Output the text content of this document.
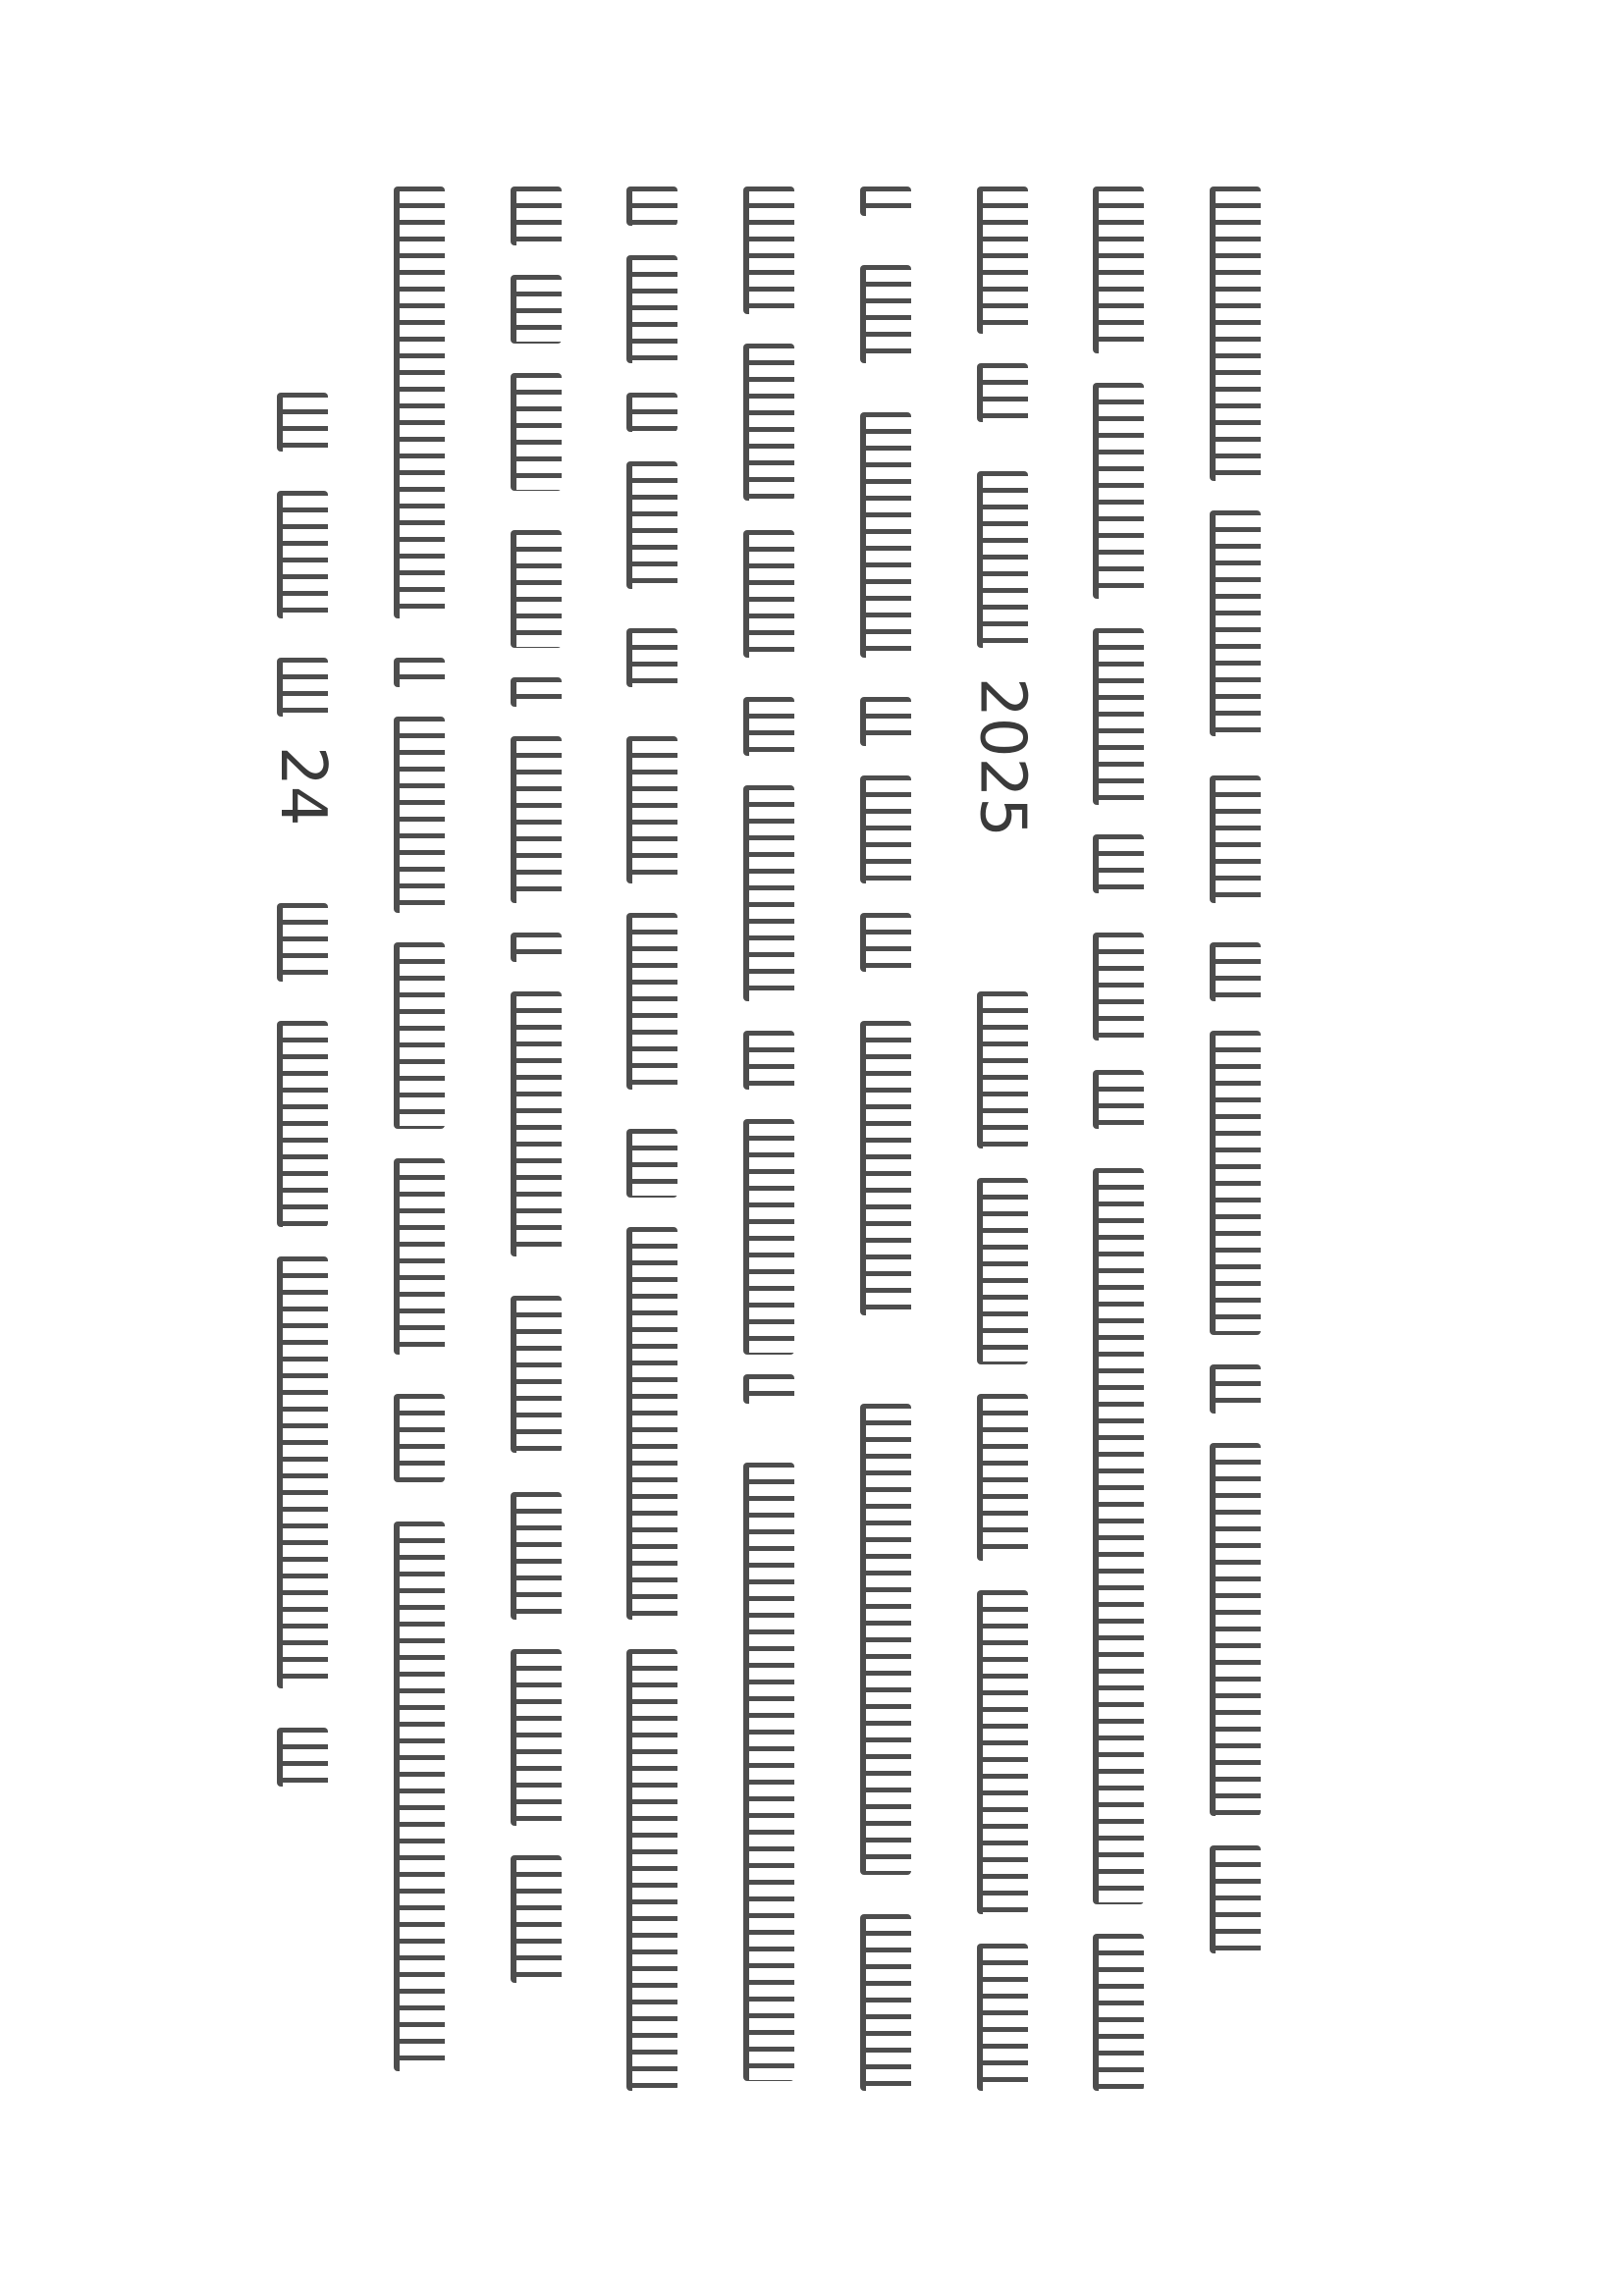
2025
24
